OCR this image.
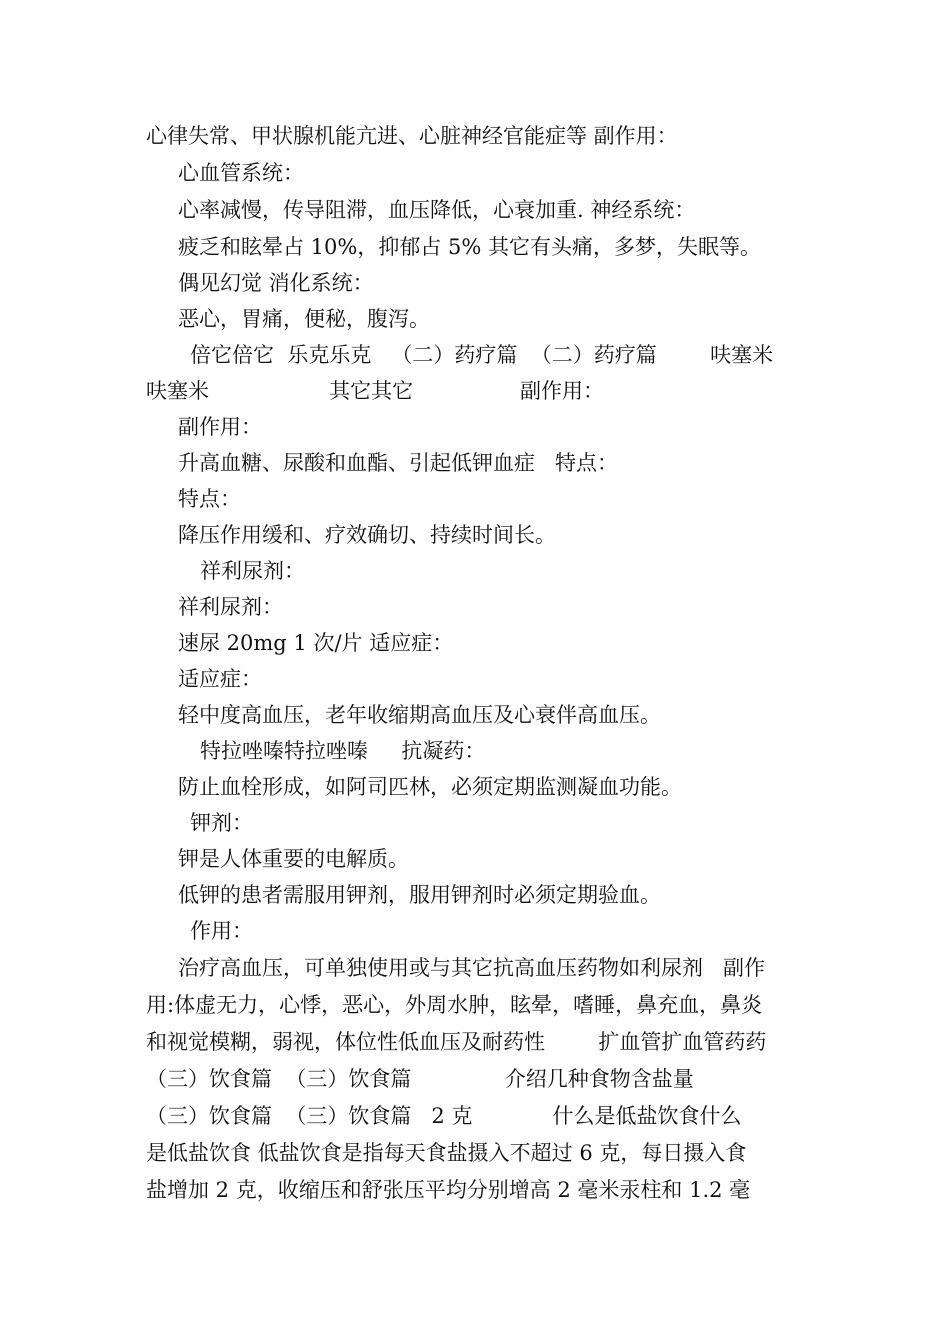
心律失常、甲状腺机能亢进、心脏神经官能症等 副作用：
心血管系统：
心率减慢，传导阻滞，血压降低，心衰加重. 神经系统：
疲乏和眩晕占 10%，抑郁占 5% 其它有头痛，多梦，失眠等。
偶见幻觉 消化系统：
恶心，胃痛，便秘，腹泻。
倍它倍它  乐克乐克   （二）药疗篇  （二）药疗篇        呋塞米
呋塞米                  其它其它                副作用：
副作用：
升高血糖、尿酸和血酯、引起低钾血症   特点：
特点：
降压作用缓和、疗效确切、持续时间长。
祥利尿剂：
祥利尿剂：
速尿 20mg 1 次/片 适应症：
适应症：
轻中度高血压，老年收缩期高血压及心衰伴高血压。
特拉唑嗪特拉唑嗪     抗凝药：
防止血栓形成，如阿司匹林，必须定期监测凝血功能。
钾剂：
钾是人体重要的电解质。
低钾的患者需服用钾剂，服用钾剂时必须定期验血。
作用：
治疗高血压，可单独使用或与其它抗高血压药物如利尿剂   副作
用:体虚无力，心悸，恶心，外周水肿，眩晕，嗜睡，鼻充血，鼻炎
和视觉模糊，弱视，体位性低血压及耐药性        扩血管扩血管药药
（三）饮食篇  （三）饮食篇              介绍几种食物含盐量
（三）饮食篇  （三）饮食篇   2 克            什么是低盐饮食什么
是低盐饮食 低盐饮食是指每天食盐摄入不超过 6 克，每日摄入食
盐增加 2 克，收缩压和舒张压平均分别增高 2 毫米汞柱和 1.2 毫
